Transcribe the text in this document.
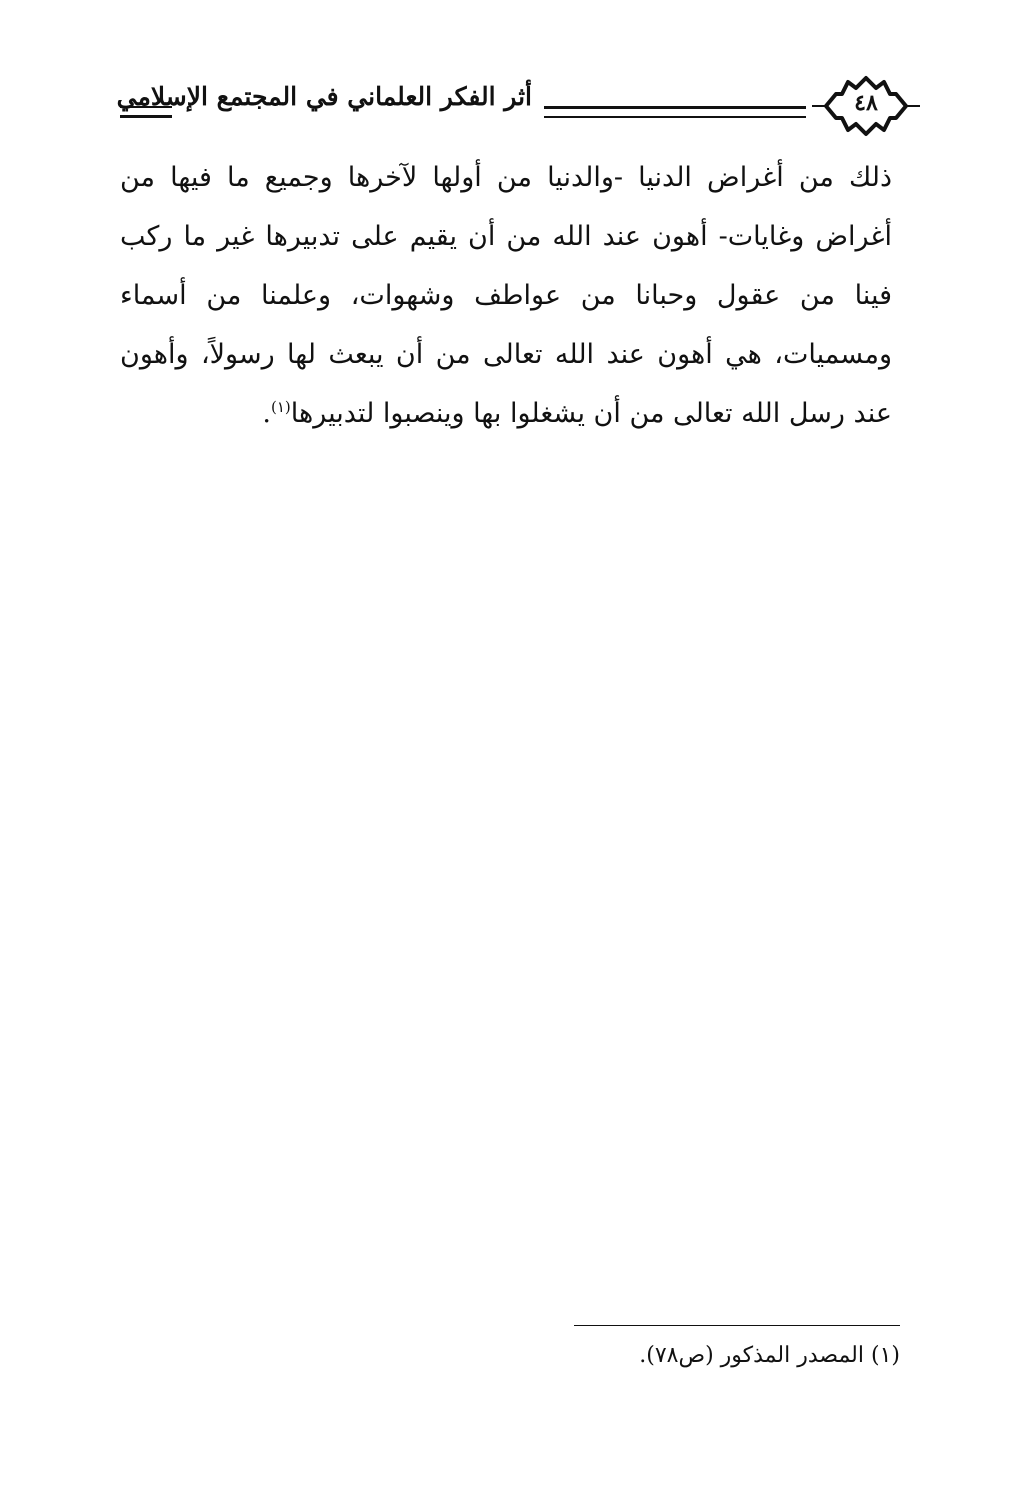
أثر الفكر العلماني في المجتمع الإسلامي	٤٨

ذلك من أغراض الدنيا -والدنيا من أولها لآخرها وجميع ما فيها من أغراض وغايات- أهون عند الله من أن يقيم على تدبيرها غير ما ركب فينا من عقول وحبانا من عواطف وشهوات، وعلمنا من أسماء ومسميات، هي أهون عند الله تعالى من أن يبعث لها رسولاً، وأهون عند رسل الله تعالى من أن يشغلوا بها وينصبوا لتدبيرها$^{(١)}$.

(١) المصدر المذكور (ص٧٨).
